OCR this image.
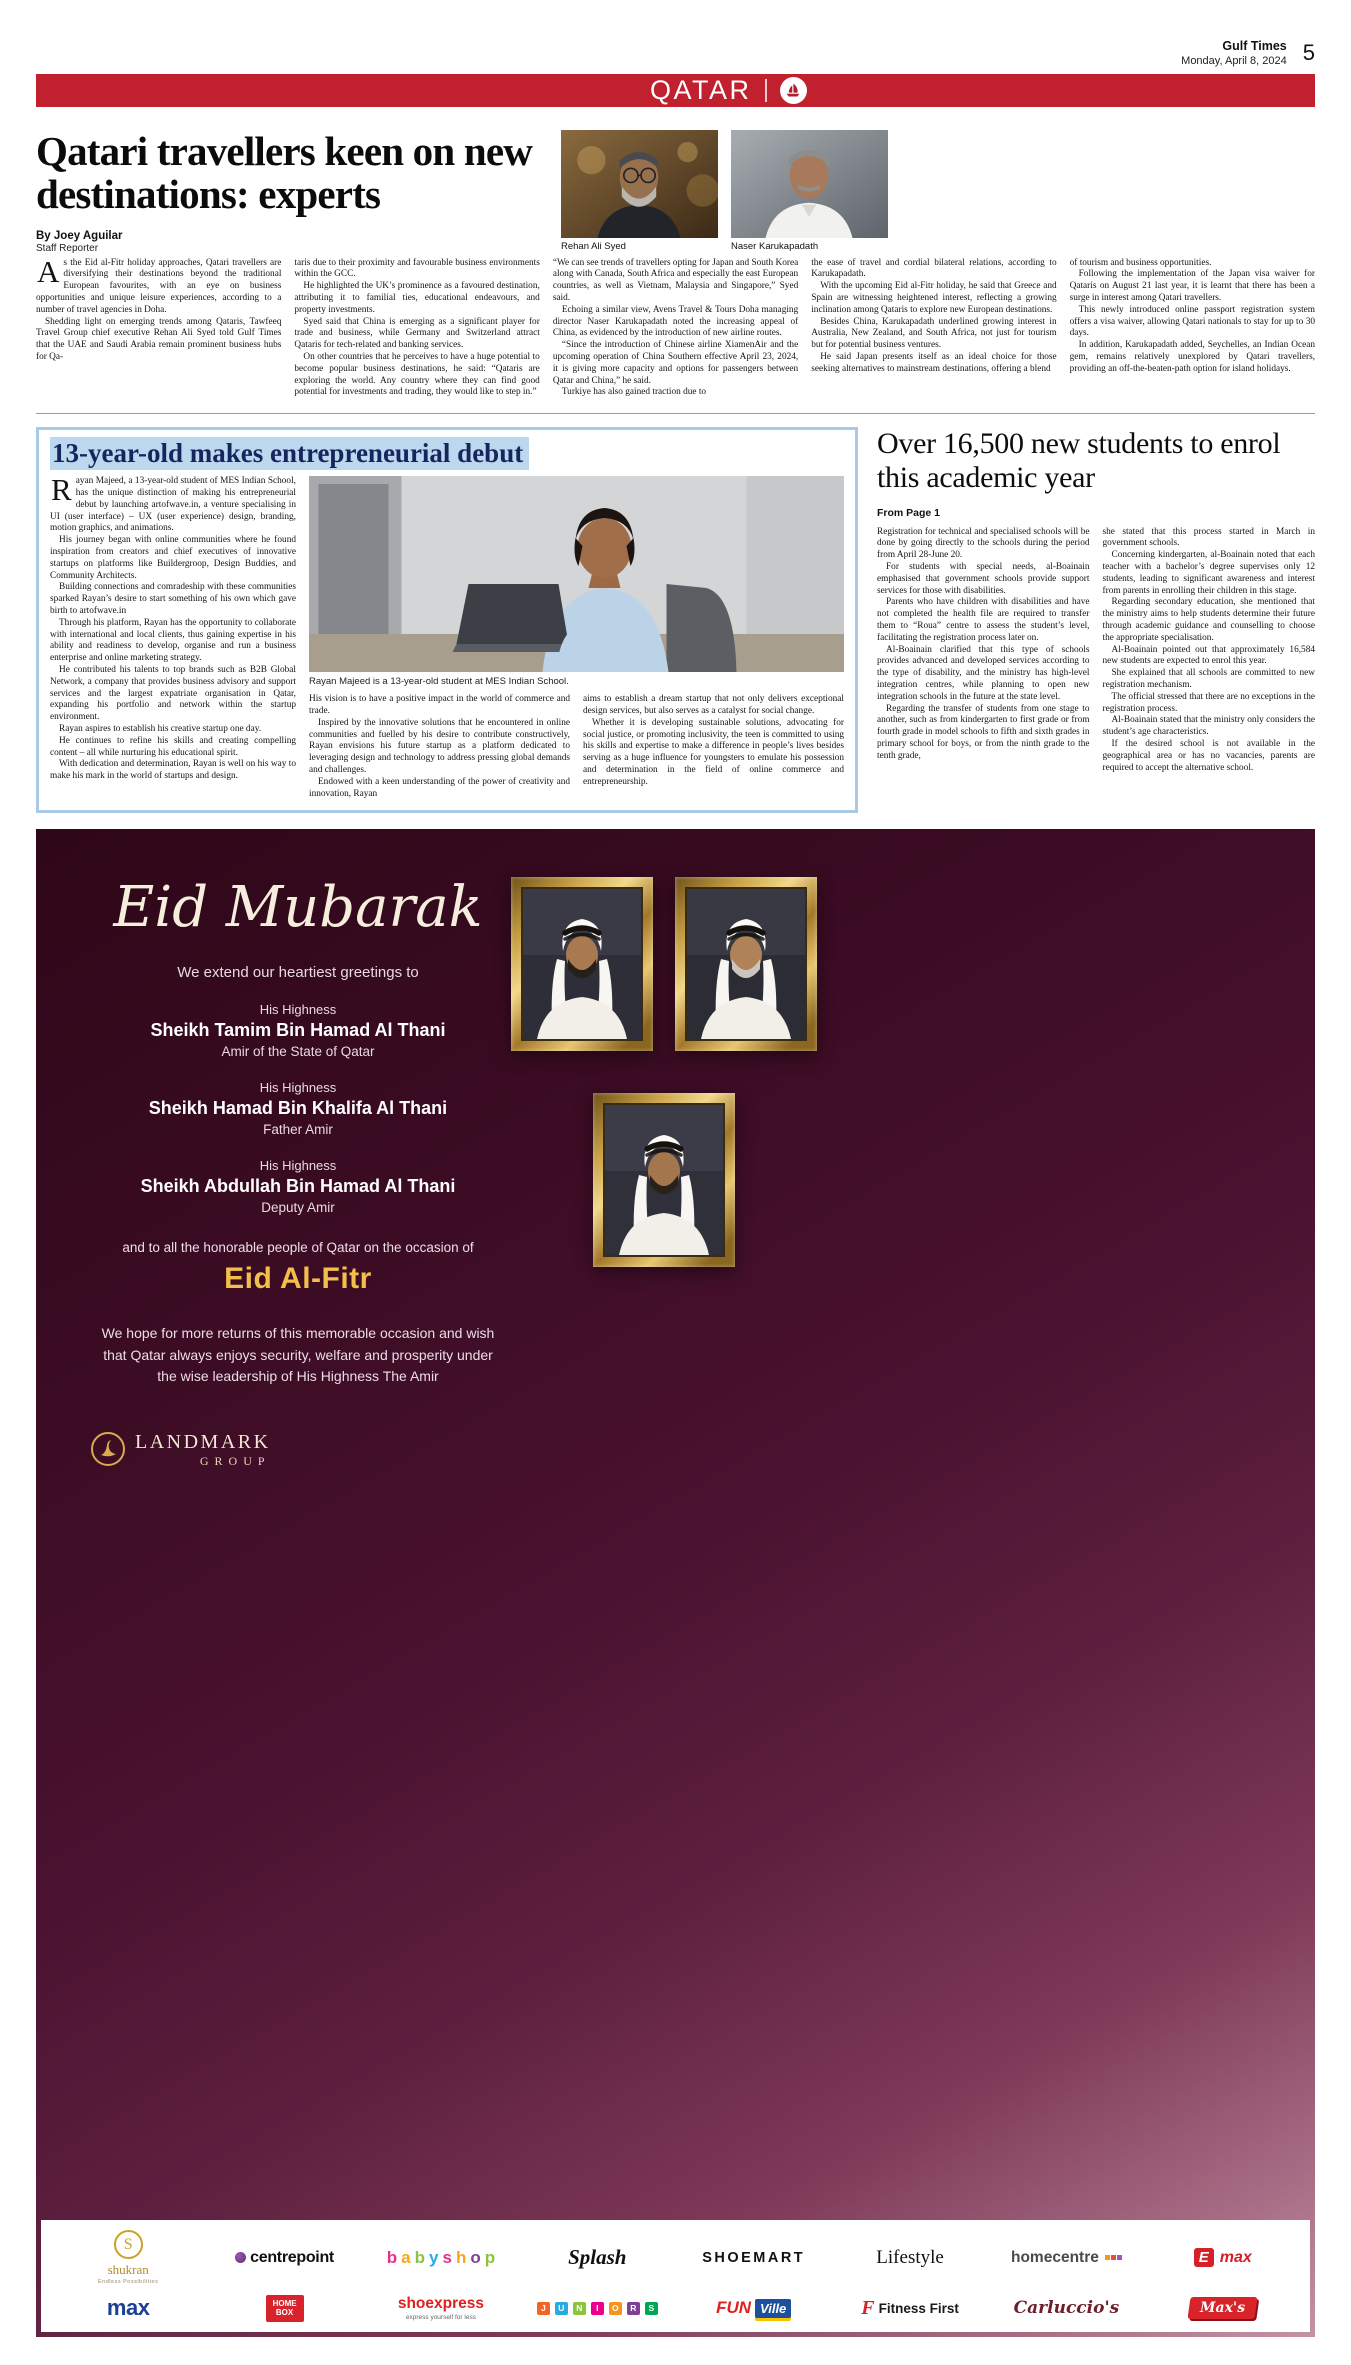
Gulf Times
Monday, April 8, 2024 5
QATAR
Qatari travellers keen on new destinations: experts
By Joey Aguilar
Staff Reporter	Rehan Ali Syed	Naser Karukapadath

As the Eid al-Fitr holiday approaches, Qatari travellers are diversifying their destinations beyond the traditional European favourites, with an eye on business opportunities and unique leisure experiences, according to a number of travel agencies in Doha.

Shedding light on emerging trends among Qataris, Tawfeeq Travel Group chief executive Rehan Ali Syed told Gulf Times that the UAE and Saudi Arabia remain prominent business hubs for Qa-

taris due to their proximity and favourable business environments within the GCC.

He highlighted the UK’s prominence as a favoured destination, attributing it to familial ties, educational endeavours, and property investments.

Syed said that China is emerging as a significant player for trade and business, while Germany and Switzerland attract Qataris for tech-related and banking services.

On other countries that he perceives to have a huge potential to become popular business destinations, he said: “Qataris are exploring the world. Any country where they can find good potential for investments and trading, they would like to step in.”

“We can see trends of travellers opting for Japan and South Korea along with Canada, South Africa and especially the east European countries, as well as Vietnam, Malaysia and Singapore,” Syed said.

Echoing a similar view, Avens Travel & Tours Doha managing director Naser Karukapadath noted the increasing appeal of China, as evidenced by the introduction of new airline routes.

“Since the introduction of Chinese airline XiamenAir and the upcoming operation of China Southern effective April 23, 2024, it is giving more capacity and options for passengers between Qatar and China,” he said.

Turkiye has also gained traction due to

the ease of travel and cordial bilateral relations, according to Karukapadath.

With the upcoming Eid al-Fitr holiday, he said that Greece and Spain are witnessing heightened interest, reflecting a growing inclination among Qataris to explore new European destinations.

Besides China, Karukapadath underlined growing interest in Australia, New Zealand, and South Africa, not just for tourism but for potential business ventures.

He said Japan presents itself as an ideal choice for those seeking alternatives to mainstream destinations, offering a blend

of tourism and business opportunities.

Following the implementation of the Japan visa waiver for Qataris on August 21 last year, it is learnt that there has been a surge in interest among Qatari travellers.

This newly introduced online passport registration system offers a visa waiver, allowing Qatari nationals to stay for up to 30 days.

In addition, Karukapadath added, Seychelles, an Indian Ocean gem, remains relatively unexplored by Qatari travellers, providing an off-the-beaten-path option for island holidays.

13-year-old makes entrepreneurial debut

Rayan Majeed, a 13-year-old student of MES Indian School, has the unique distinction of making his entrepreneurial debut by launching artofwave.in, a venture specialising in UI (user interface) – UX (user experience) design, branding, motion graphics, and animations.

His journey began with online communities where he found inspiration from creators and chief executives of innovative startups on platforms like Buildergroop, Design Buddies, and Community Architects.

Building connections and comradeship with these communities sparked Rayan’s desire to start something of his own which gave birth to artofwave.in

Through his platform, Rayan has the opportunity to collaborate with international and local clients, thus gaining expertise in his ability and readiness to develop, organise and run a business enterprise and online marketing strategy.

He contributed his talents to top brands such as B2B Global Network, a company that provides business advisory and support services and the largest expatriate organisation in Qatar, expanding his portfolio and network within the startup environment.

Rayan aspires to establish his creative startup one day.

He continues to refine his skills and creating compelling content – all while nurturing his educational spirit.

With dedication and determination, Rayan is well on his way to make his mark in the world of startups and design.

Rayan Majeed is a 13-year-old student at MES Indian School.

His vision is to have a positive impact in the world of commerce and trade.

Inspired by the innovative solutions that he encountered in online communities and fuelled by his desire to contribute constructively, Rayan envisions his future startup as a platform dedicated to leveraging design and technology to address pressing global demands and challenges.

Endowed with a keen understanding of the power of creativity and innovation, Rayan

aims to establish a dream startup that not only delivers exceptional design services, but also serves as a catalyst for social change.

Whether it is developing sustainable solutions, advocating for social justice, or promoting inclusivity, the teen is committed to using his skills and expertise to make a difference in people’s lives besides serving as a huge influence for youngsters to emulate his possession and determination in the field of online commerce and entrepreneurship.

Over 16,500 new students to enrol this academic year
From Page 1

Registration for technical and specialised schools will be done by going directly to the schools during the period from April 28-June 20.

For students with special needs, al-Boainain emphasised that government schools provide support services for those with disabilities.

Parents who have children with disabilities and have not completed the health file are required to transfer them to “Roua” centre to assess the student’s level, facilitating the registration process later on.

Al-Boainain clarified that this type of schools provides advanced and developed services according to the type of disability, and the ministry has high-level integration centres, while planning to open new integration schools in the future at the state level.

Regarding the transfer of students from one stage to another, such as from kindergarten to first grade or from fourth grade in model schools to fifth and sixth grades in primary school for boys, or from the ninth grade to the tenth grade,

she stated that this process started in March in government schools.

Concerning kindergarten, al-Boainain noted that each teacher with a bachelor’s degree supervises only 12 students, leading to significant awareness and interest from parents in enrolling their children in this stage.

Regarding secondary education, she mentioned that the ministry aims to help students determine their future through academic guidance and counselling to choose the appropriate specialisation.

Al-Boainain pointed out that approximately 16,584 new students are expected to enrol this year.

She explained that all schools are committed to new registration mechanism.

The official stressed that there are no exceptions in the registration process.

Al-Boainain stated that the ministry only considers the student’s age characteristics.

If the desired school is not available in the geographical area or has no vacancies, parents are required to accept the alternative school.

Eid Mubarak
We extend our heartiest greetings to
His Highness
Sheikh Tamim Bin Hamad Al Thani
Amir of the State of Qatar
His Highness
Sheikh Hamad Bin Khalifa Al Thani
Father Amir
His Highness
Sheikh Abdullah Bin Hamad Al Thani
Deputy Amir
and to all the honorable people of Qatar on the occasion of
Eid Al-Fitr
We hope for more returns of this memorable occasion and wish that Qatar always enjoys security, welfare and prosperity under the wise leadership of His Highness The Amir
LANDMARK
GROUP
S
shukran
Endless Possibilities
centrepoint	b a b y s h o p	Splash	SHOEMART	Lifestyle	homecentre	E max
max	HOME
BOX
shoexpress
express yourself for less
J	U	N	I	O	R	S	FUN Ville	F Fitness First	Carluccio's	Max's
